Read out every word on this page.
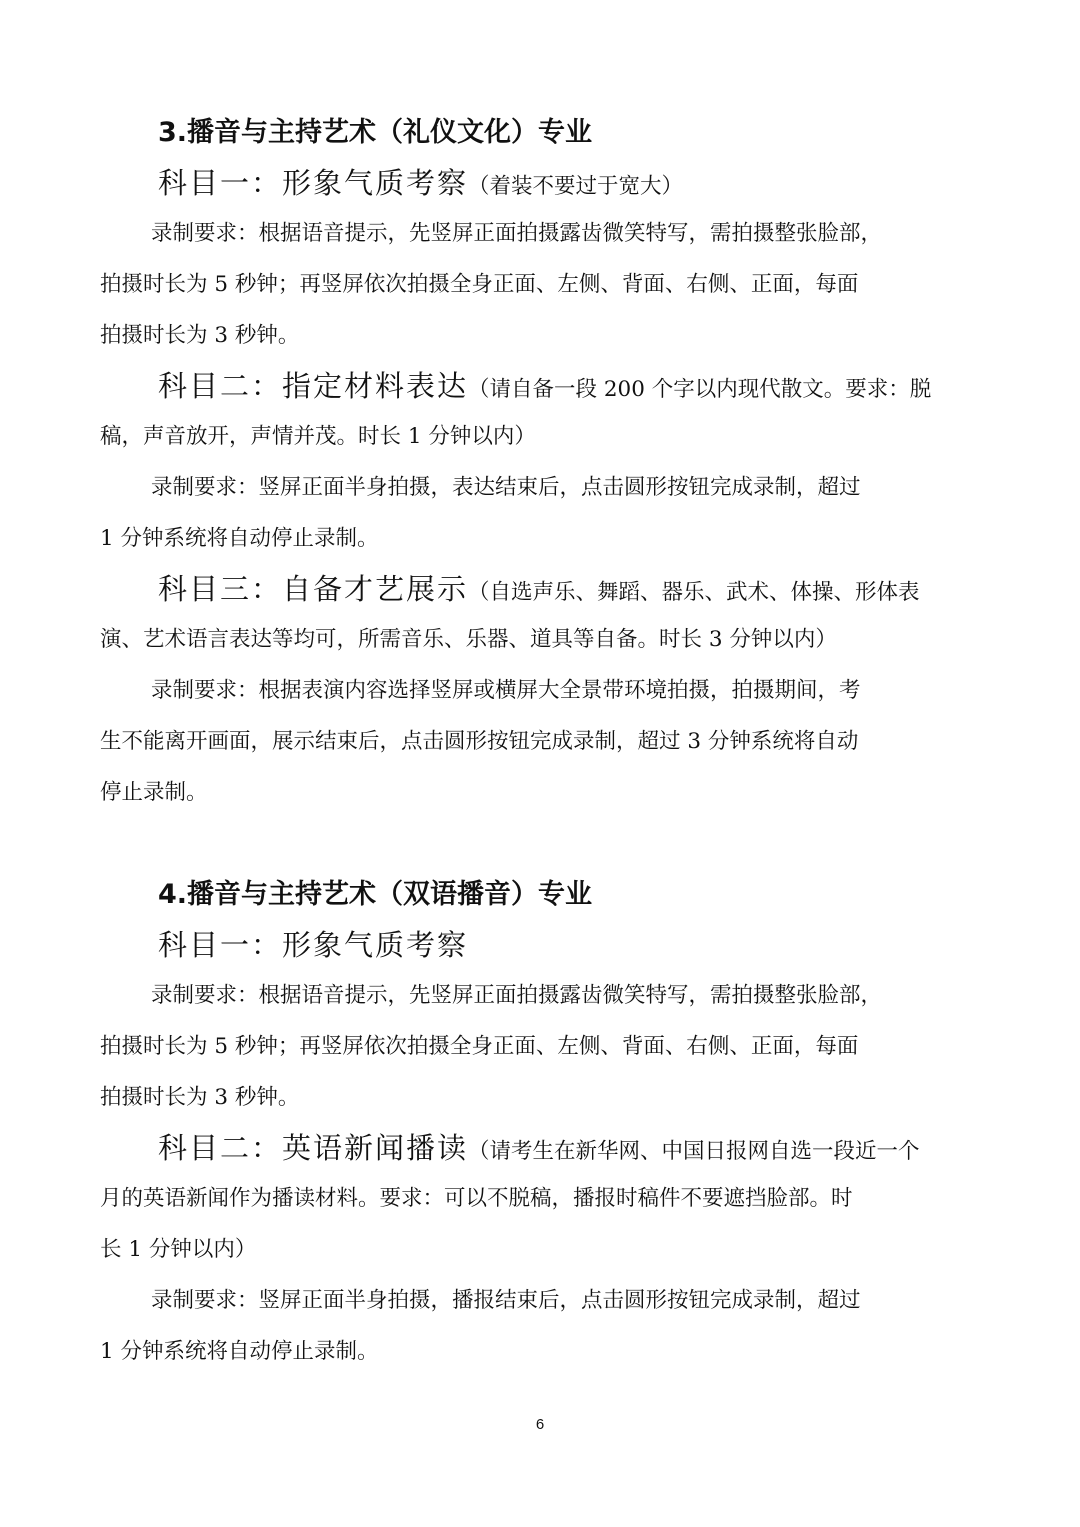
3.播音与主持艺术（礼仪文化）专业
科目一：形象气质考察（着装不要过于宽大）
录制要求：根据语音提示，先竖屏正面拍摄露齿微笑特写，需拍摄整张脸部，
拍摄时长为 5 秒钟；再竖屏依次拍摄全身正面、左侧、背面、右侧、正面，每面
拍摄时长为 3 秒钟。
科目二：指定材料表达（请自备一段 200 个字以内现代散文。要求：脱
稿，声音放开，声情并茂。时长 1 分钟以内）
录制要求：竖屏正面半身拍摄，表达结束后，点击圆形按钮完成录制，超过
1 分钟系统将自动停止录制。
科目三：自备才艺展示（自选声乐、舞蹈、器乐、武术、体操、形体表
演、艺术语言表达等均可，所需音乐、乐器、道具等自备。时长 3 分钟以内）
录制要求：根据表演内容选择竖屏或横屏大全景带环境拍摄，拍摄期间，考
生不能离开画面，展示结束后，点击圆形按钮完成录制，超过 3 分钟系统将自动
停止录制。
4.播音与主持艺术（双语播音）专业
科目一：形象气质考察
录制要求：根据语音提示，先竖屏正面拍摄露齿微笑特写，需拍摄整张脸部，
拍摄时长为 5 秒钟；再竖屏依次拍摄全身正面、左侧、背面、右侧、正面，每面
拍摄时长为 3 秒钟。
科目二：英语新闻播读（请考生在新华网、中国日报网自选一段近一个
月的英语新闻作为播读材料。要求：可以不脱稿，播报时稿件不要遮挡脸部。时
长 1 分钟以内）
录制要求：竖屏正面半身拍摄，播报结束后，点击圆形按钮完成录制，超过
1 分钟系统将自动停止录制。
6
